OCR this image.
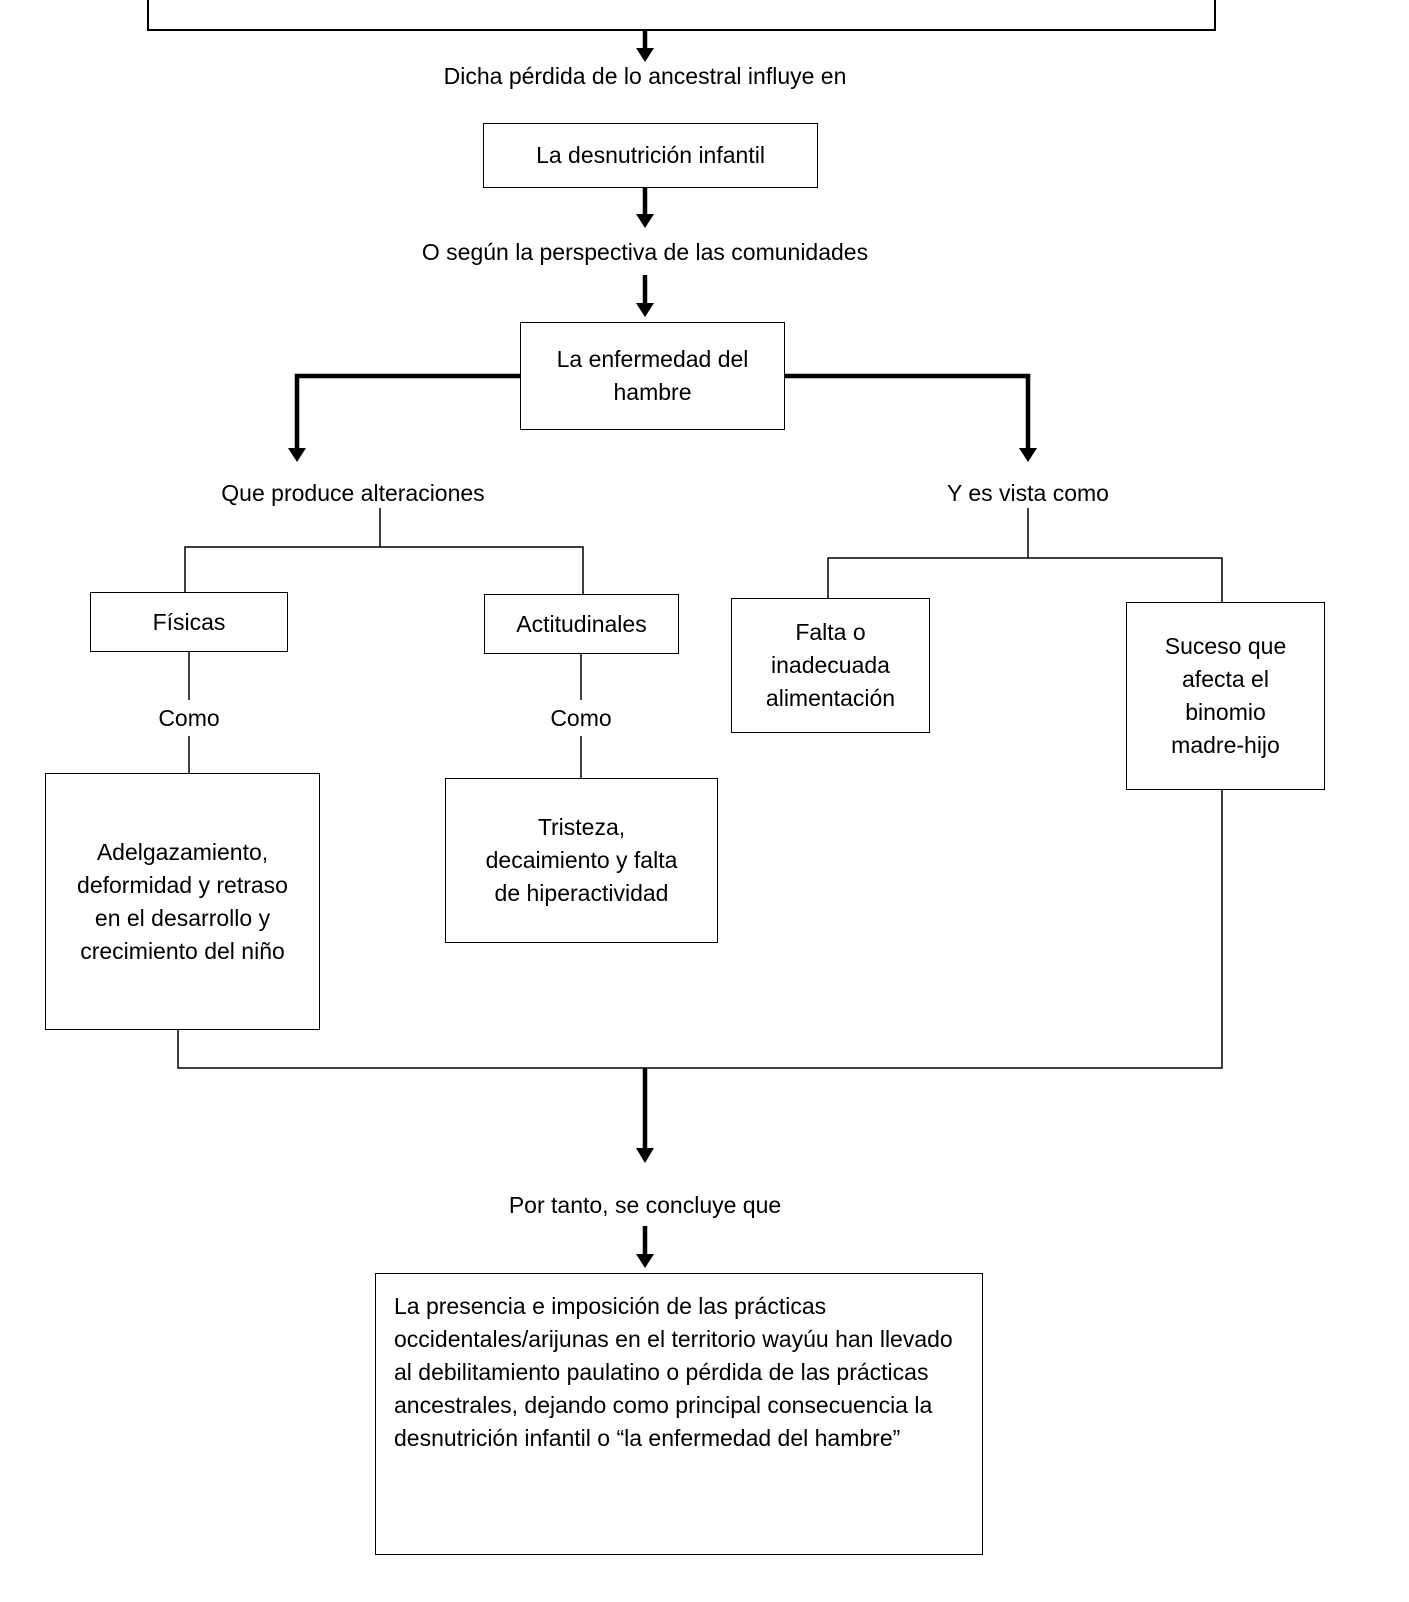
Dicha pérdida de lo ancestral influye en
La desnutrición infantil
O según la perspectiva de las comunidades
La enfermedad del hambre
Que produce alteraciones	Y es vista como
Físicas	Actitudinales
Como	Como
Adelgazamiento, deformidad y retraso en el desarrollo y crecimiento del niño
Tristeza, decaimiento y falta de hiperactividad
Falta o inadecuada alimentación
Suceso que afecta el binomio madre-hijo
Por tanto, se concluye que
La presencia e imposición de las prácticas occidentales/arijunas en el territorio wayúu han llevado al debilitamiento paulatino o pérdida de las prácticas ancestrales, dejando como principal consecuencia la desnutrición infantil o “la enfermedad del hambre”
